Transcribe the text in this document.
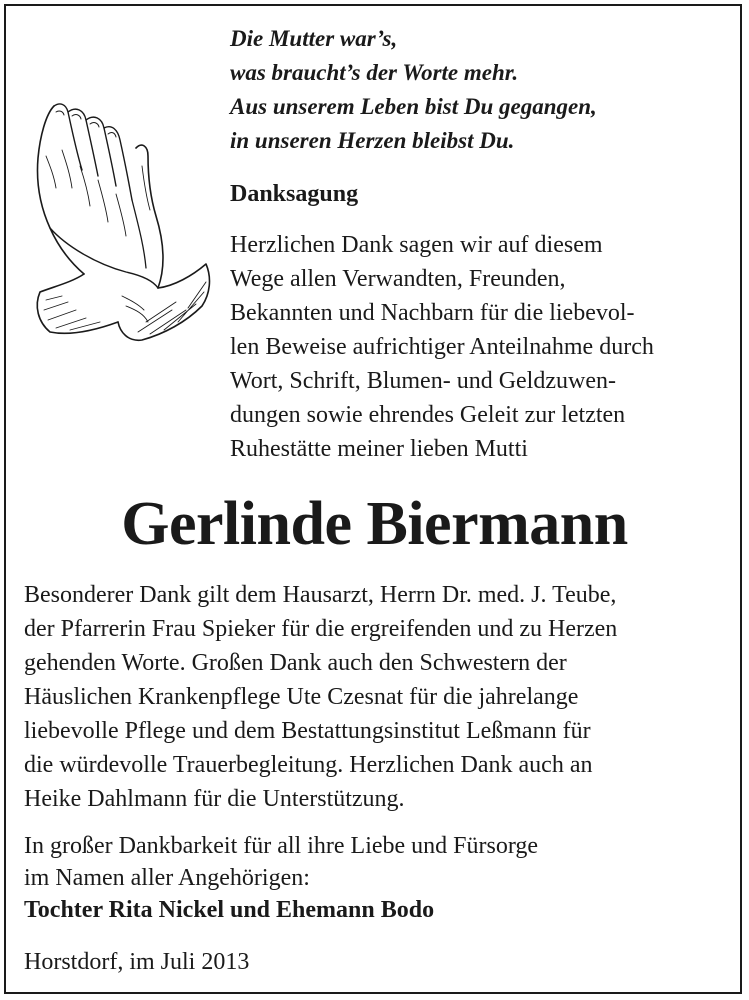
Die Mutter war’s,
was braucht’s der Worte mehr.
Aus unserem Leben bist Du gegangen,
in unseren Herzen bleibst Du.
Danksagung
Herzlichen Dank sagen wir auf diesem
Wege allen Verwandten, Freunden,
Bekannten und Nachbarn für die liebevol-
len Beweise aufrichtiger Anteilnahme durch
Wort, Schrift, Blumen- und Geldzuwen-
dungen sowie ehrendes Geleit zur letzten
Ruhestätte meiner lieben Mutti
Gerlinde Biermann
Besonderer Dank gilt dem Hausarzt, Herrn Dr. med. J. Teube,
der Pfarrerin Frau Spieker für die ergreifenden und zu Herzen
gehenden Worte. Großen Dank auch den Schwestern der
Häuslichen Krankenpflege Ute Czesnat für die jahrelange
liebevolle Pflege und dem Bestattungsinstitut Leßmann für
die würdevolle Trauerbegleitung. Herzlichen Dank auch an
Heike Dahlmann für die Unterstützung.
In großer Dankbarkeit für all ihre Liebe und Fürsorge
im Namen aller Angehörigen:
Tochter Rita Nickel und Ehemann Bodo
Horstdorf, im Juli 2013
